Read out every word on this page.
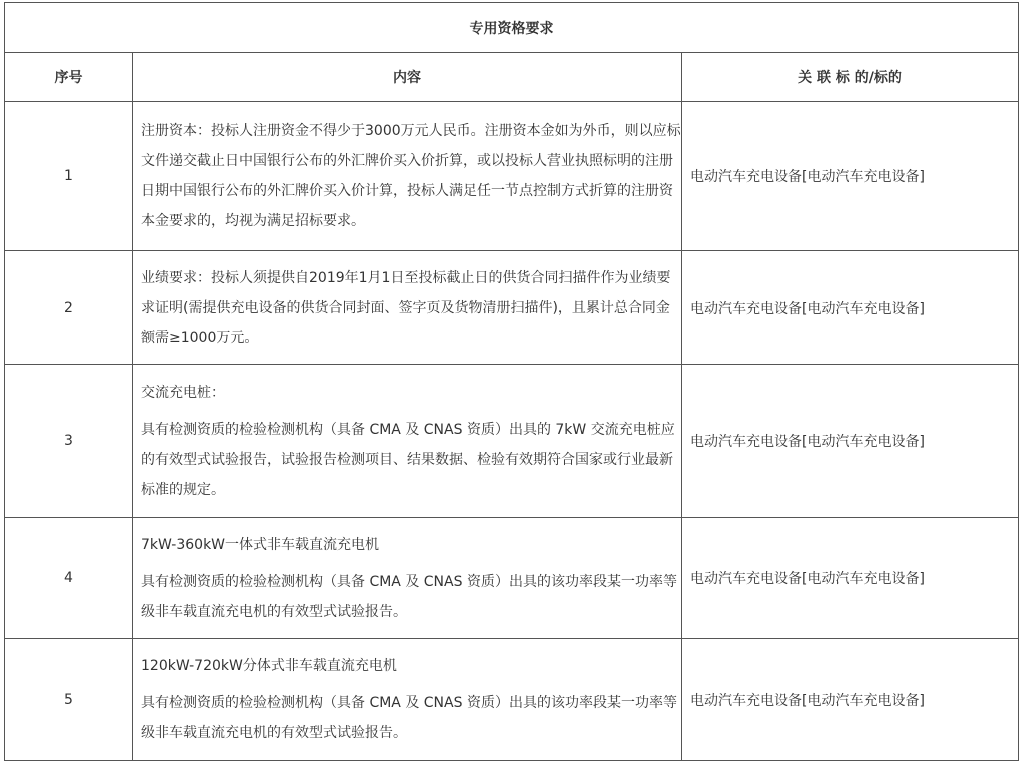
专用资格要求		
序号	内容	关 联 标 的/标的
1	注册资本：投标人注册资金不得少于3000万元人民币。注册资本金如为外币，则以应标文件递交截止日中国银行公布的外汇牌价买入价折算，或以投标人营业执照标明的注册日期中国银行公布的外汇牌价买入价计算，投标人满足任一节点控制方式折算的注册资本金要求的，均视为满足招标要求。	电动汽车充电设备[电动汽车充电设备]
2	业绩要求：投标人须提供自2019年1月1日至投标截止日的供货合同扫描件作为业绩要求证明(需提供充电设备的供货合同封面、签字页及货物清册扫描件)，且累计总合同金额需≥1000万元。	电动汽车充电设备[电动汽车充电设备]
3	交流充电桩：

具有检测资质的检验检测机构（具备 CMA 及 CNAS 资质）出具的 7kW 交流充电桩应的有效型式试验报告，试验报告检测项目、结果数据、检验有效期符合国家或行业最新标准的规定。	电动汽车充电设备[电动汽车充电设备]
4	7kW-360kW一体式非车载直流充电机

具有检测资质的检验检测机构（具备 CMA 及 CNAS 资质）出具的该功率段某一功率等级非车载直流充电机的有效型式试验报告。	电动汽车充电设备[电动汽车充电设备]
5	120kW-720kW分体式非车载直流充电机

具有检测资质的检验检测机构（具备 CMA 及 CNAS 资质）出具的该功率段某一功率等级非车载直流充电机的有效型式试验报告。	电动汽车充电设备[电动汽车充电设备]
